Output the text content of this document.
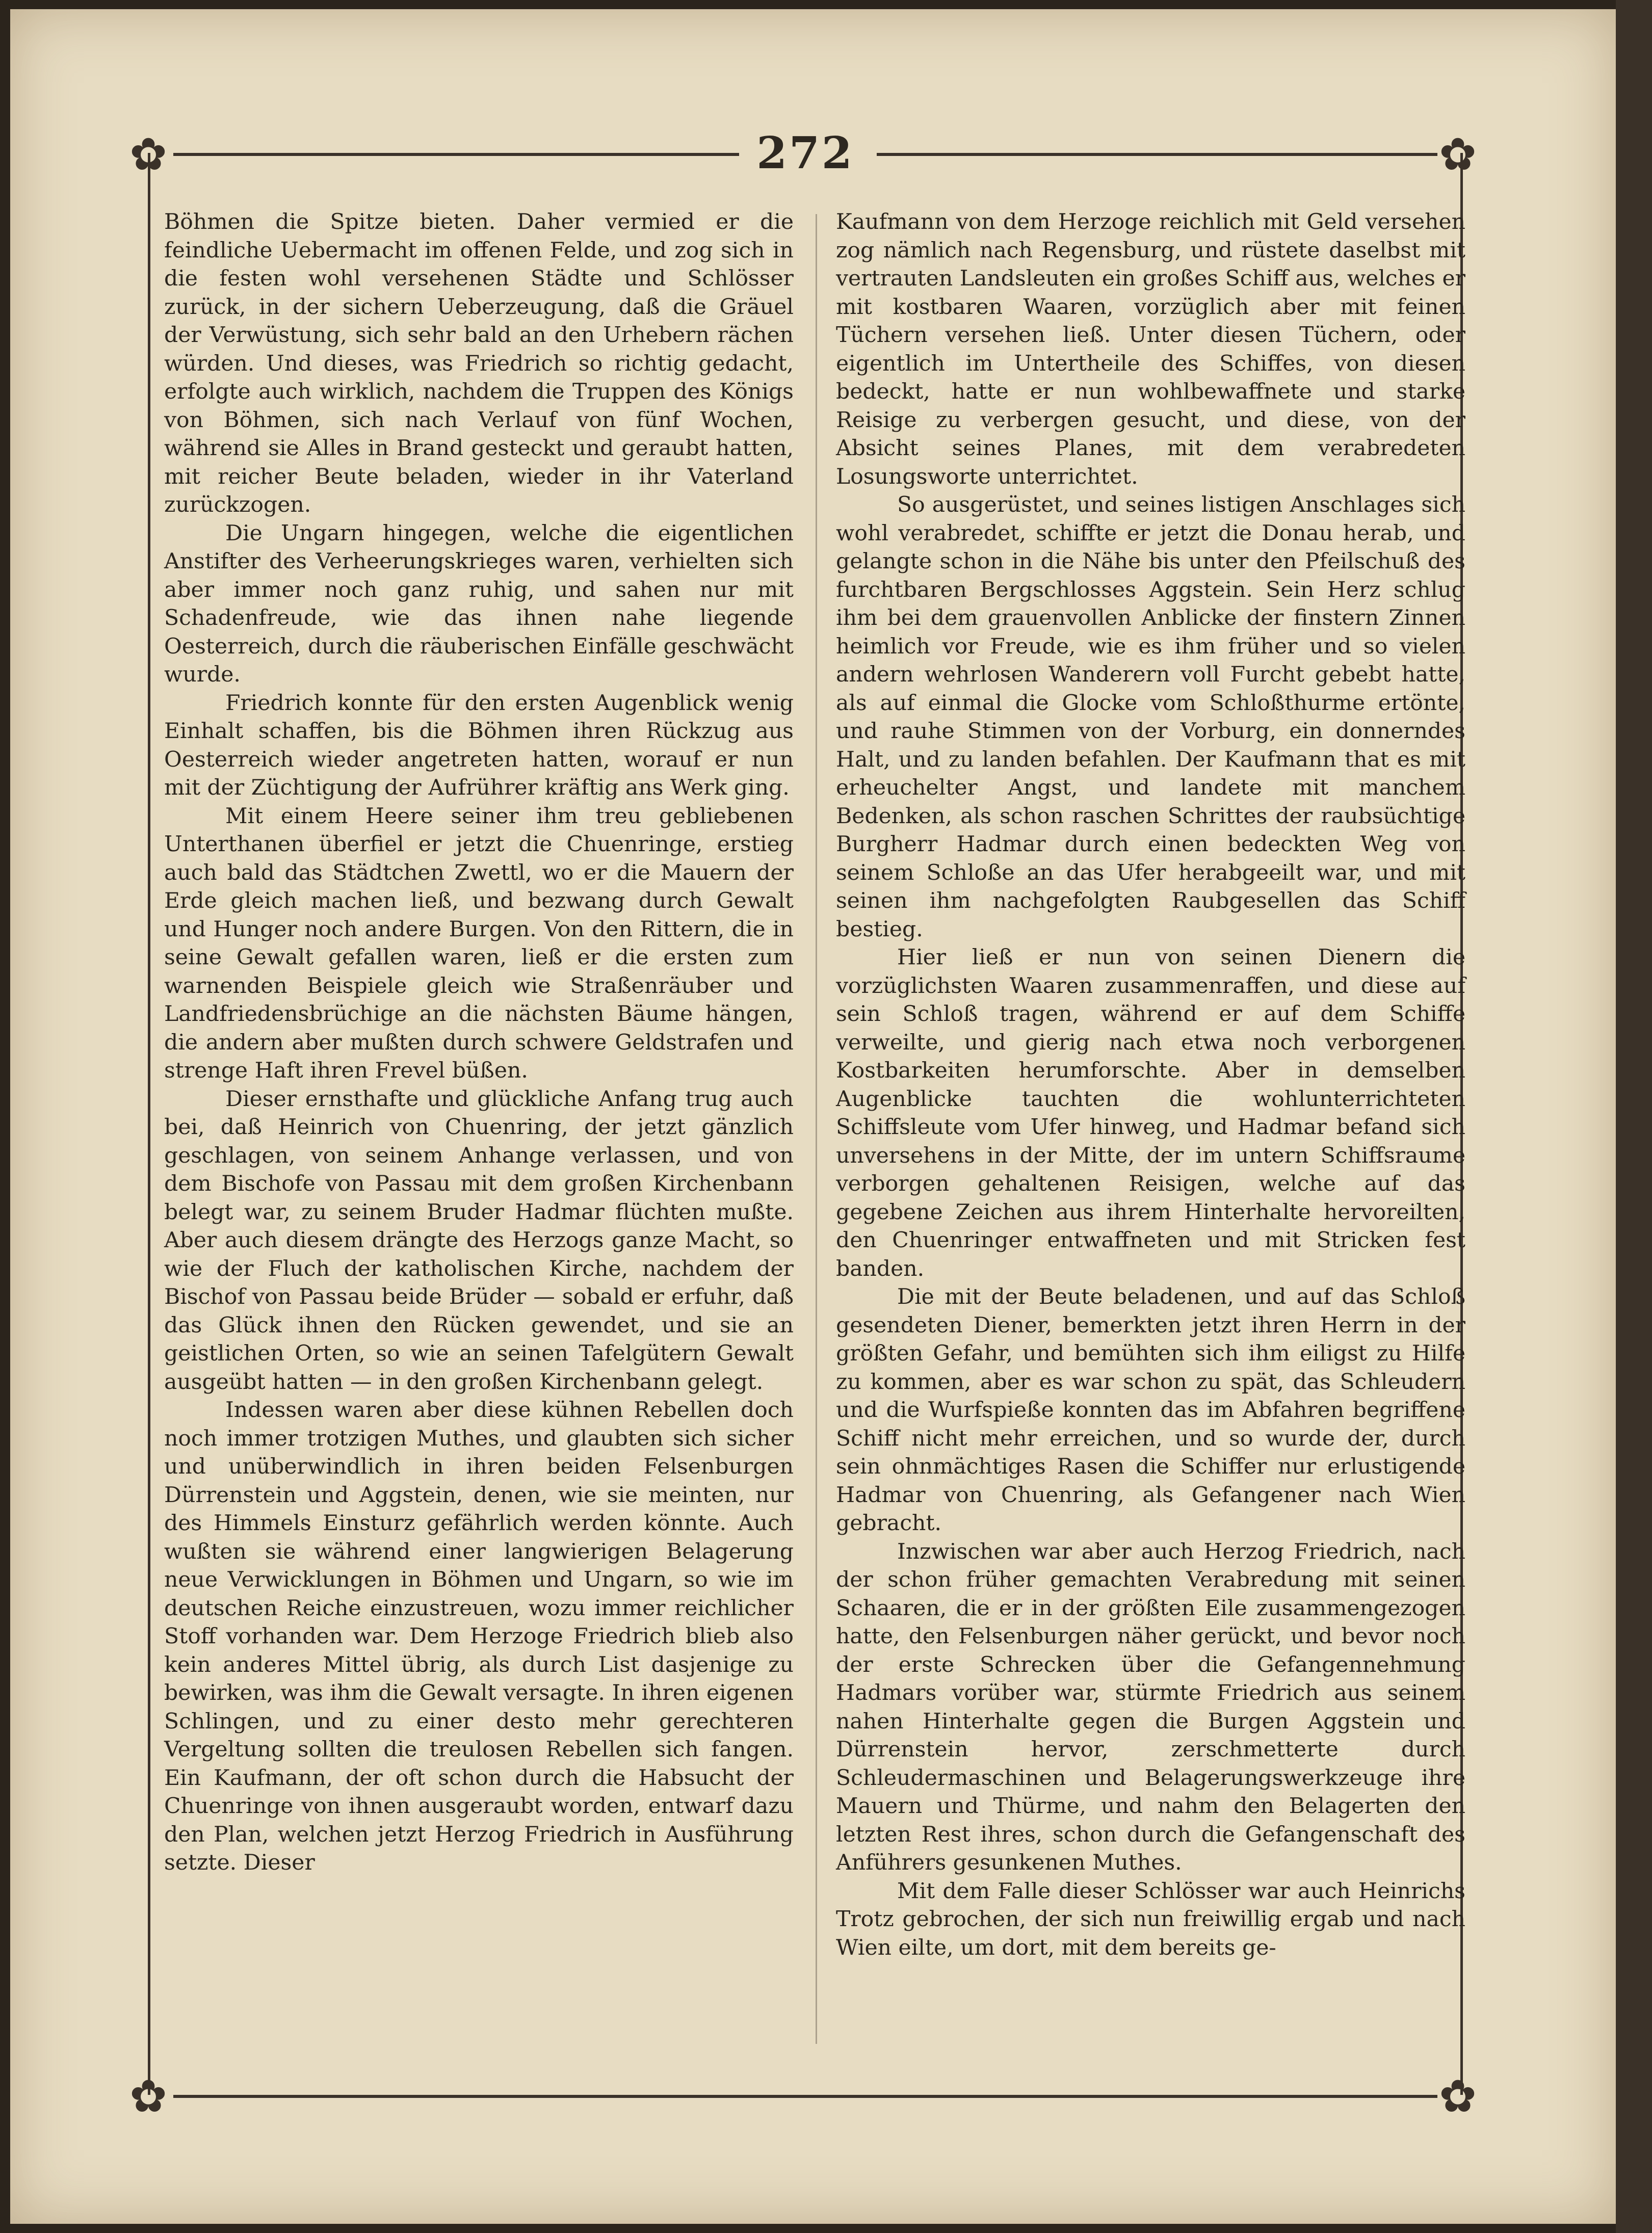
✿	✿
✿	✿
272

Böhmen die Spitze bieten. Daher vermied er die feindliche Uebermacht im offenen Felde, und zog sich in die festen wohl versehenen Städte und Schlösser zurück, in der sichern Ueberzeugung, daß die Gräuel der Verwüstung, sich sehr bald an den Urhebern rächen würden. Und dieses, was Friedrich so richtig gedacht, erfolgte auch wirklich, nachdem die Truppen des Königs von Böhmen, sich nach Verlauf von fünf Wochen, während sie Alles in Brand gesteckt und geraubt hatten, mit reicher Beute beladen, wieder in ihr Vaterland zurückzogen.

Die Ungarn hingegen, welche die eigentlichen Anstifter des Verheerungskrieges waren, verhielten sich aber immer noch ganz ruhig, und sahen nur mit Schadenfreude, wie das ihnen nahe liegende Oesterreich, durch die räuberischen Einfälle geschwächt wurde.

Friedrich konnte für den ersten Augenblick wenig Einhalt schaffen, bis die Böhmen ihren Rückzug aus Oesterreich wieder angetreten hatten, worauf er nun mit der Züchtigung der Aufrührer kräftig ans Werk ging.

Mit einem Heere seiner ihm treu gebliebenen Unterthanen überfiel er jetzt die Chuenringe, erstieg auch bald das Städtchen Zwettl, wo er die Mauern der Erde gleich machen ließ, und bezwang durch Gewalt und Hunger noch andere Burgen. Von den Rittern, die in seine Gewalt gefallen waren, ließ er die ersten zum warnenden Beispiele gleich wie Straßenräuber und Landfriedensbrüchige an die nächsten Bäume hängen, die andern aber mußten durch schwere Geldstrafen und strenge Haft ihren Frevel büßen.

Dieser ernsthafte und glückliche Anfang trug auch bei, daß Heinrich von Chuenring, der jetzt gänzlich geschlagen, von seinem Anhange verlassen, und von dem Bischofe von Passau mit dem großen Kirchenbann belegt war, zu seinem Bruder Hadmar flüchten mußte. Aber auch diesem drängte des Herzogs ganze Macht, so wie der Fluch der katholischen Kirche, nachdem der Bischof von Passau beide Brüder — sobald er erfuhr, daß das Glück ihnen den Rücken gewendet, und sie an geistlichen Orten, so wie an seinen Tafelgütern Gewalt ausgeübt hatten — in den großen Kirchenbann gelegt.

Indessen waren aber diese kühnen Rebellen doch noch immer trotzigen Muthes, und glaubten sich sicher und unüberwindlich in ihren beiden Felsenburgen Dürrenstein und Aggstein, denen, wie sie meinten, nur des Himmels Einsturz gefährlich werden könnte. Auch wußten sie während einer langwierigen Belagerung neue Verwicklungen in Böhmen und Ungarn, so wie im deutschen Reiche einzustreuen, wozu immer reichlicher Stoff vorhanden war. Dem Herzoge Friedrich blieb also kein anderes Mittel übrig, als durch List dasjenige zu bewirken, was ihm die Gewalt versagte. In ihren eigenen Schlingen, und zu einer desto mehr gerechteren Vergeltung sollten die treulosen Rebellen sich fangen. Ein Kaufmann, der oft schon durch die Habsucht der Chuenringe von ihnen ausgeraubt worden, entwarf dazu den Plan, welchen jetzt Herzog Friedrich in Ausführung setzte. Dieser

Kaufmann von dem Herzoge reichlich mit Geld versehen zog nämlich nach Regensburg, und rüstete daselbst mit vertrauten Landsleuten ein großes Schiff aus, welches er mit kostbaren Waaren, vorzüglich aber mit feinen Tüchern versehen ließ. Unter diesen Tüchern, oder eigentlich im Untertheile des Schiffes, von diesen bedeckt, hatte er nun wohlbewaffnete und starke Reisige zu verbergen gesucht, und diese, von der Absicht seines Planes, mit dem verabredeten Losungsworte unterrichtet.

So ausgerüstet, und seines listigen Anschlages sich wohl verabredet, schiffte er jetzt die Donau herab, und gelangte schon in die Nähe bis unter den Pfeilschuß des furchtbaren Bergschlosses Aggstein. Sein Herz schlug ihm bei dem grauenvollen Anblicke der finstern Zinnen heimlich vor Freude, wie es ihm früher und so vielen andern wehrlosen Wanderern voll Furcht gebebt hatte, als auf einmal die Glocke vom Schloßthurme ertönte, und rauhe Stimmen von der Vorburg, ein donnerndes Halt, und zu landen befahlen. Der Kaufmann that es mit erheuchelter Angst, und landete mit manchem Bedenken, als schon raschen Schrittes der raubsüchtige Burgherr Hadmar durch einen bedeckten Weg von seinem Schloße an das Ufer herabgeeilt war, und mit seinen ihm nachgefolgten Raubgesellen das Schiff bestieg.

Hier ließ er nun von seinen Dienern die vorzüglichsten Waaren zusammenraffen, und diese auf sein Schloß tragen, während er auf dem Schiffe verweilte, und gierig nach etwa noch verborgenen Kostbarkeiten herumforschte. Aber in demselben Augenblicke tauchten die wohlunterrichteten Schiffsleute vom Ufer hinweg, und Hadmar befand sich unversehens in der Mitte, der im untern Schiffsraume verborgen gehaltenen Reisigen, welche auf das gegebene Zeichen aus ihrem Hinterhalte hervoreilten, den Chuenringer entwaffneten und mit Stricken fest banden.

Die mit der Beute beladenen, und auf das Schloß gesendeten Diener, bemerkten jetzt ihren Herrn in der größten Gefahr, und bemühten sich ihm eiligst zu Hilfe zu kommen, aber es war schon zu spät, das Schleudern und die Wurfspieße konnten das im Abfahren begriffene Schiff nicht mehr erreichen, und so wurde der, durch sein ohnmächtiges Rasen die Schiffer nur erlustigende Hadmar von Chuenring, als Gefangener nach Wien gebracht.

Inzwischen war aber auch Herzog Friedrich, nach der schon früher gemachten Verabredung mit seinen Schaaren, die er in der größten Eile zusammengezogen hatte, den Felsenburgen näher gerückt, und bevor noch der erste Schrecken über die Gefangennehmung Hadmars vorüber war, stürmte Friedrich aus seinem nahen Hinterhalte gegen die Burgen Aggstein und Dürrenstein hervor, zerschmetterte durch Schleudermaschinen und Belagerungswerkzeuge ihre Mauern und Thürme, und nahm den Belagerten den letzten Rest ihres, schon durch die Gefangenschaft des Anführers gesunkenen Muthes.

Mit dem Falle dieser Schlösser war auch Heinrichs Trotz gebrochen, der sich nun freiwillig ergab und nach Wien eilte, um dort, mit dem bereits ge-
